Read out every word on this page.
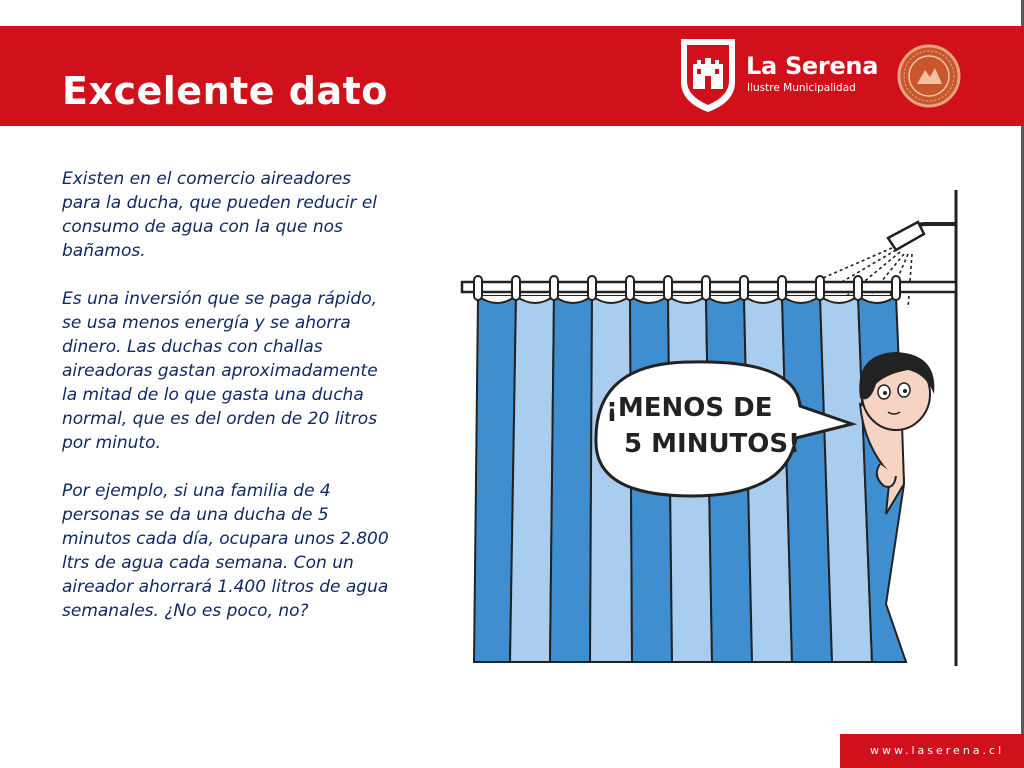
Excelente dato
La Serena
Ilustre Municipalidad

Existen en el comercio aireadores para la ducha, que pueden reducir el consumo de agua con la que nos bañamos.

Es una inversión que se paga rápido, se usa menos energía y se ahorra dinero. Las duchas con challas aireadoras gastan aproximadamente la mitad de lo que gasta una ducha normal, que es del orden de 20 litros por minuto.

Por ejemplo, si una familia de 4 personas se da una ducha de 5 minutos cada día, ocupara unos 2.800 ltrs de agua cada semana. Con un aireador ahorrará 1.400 litros de agua semanales. ¿No es poco, no?

¡MENOS DE
5 MINUTOS!
www.laserena.cl
